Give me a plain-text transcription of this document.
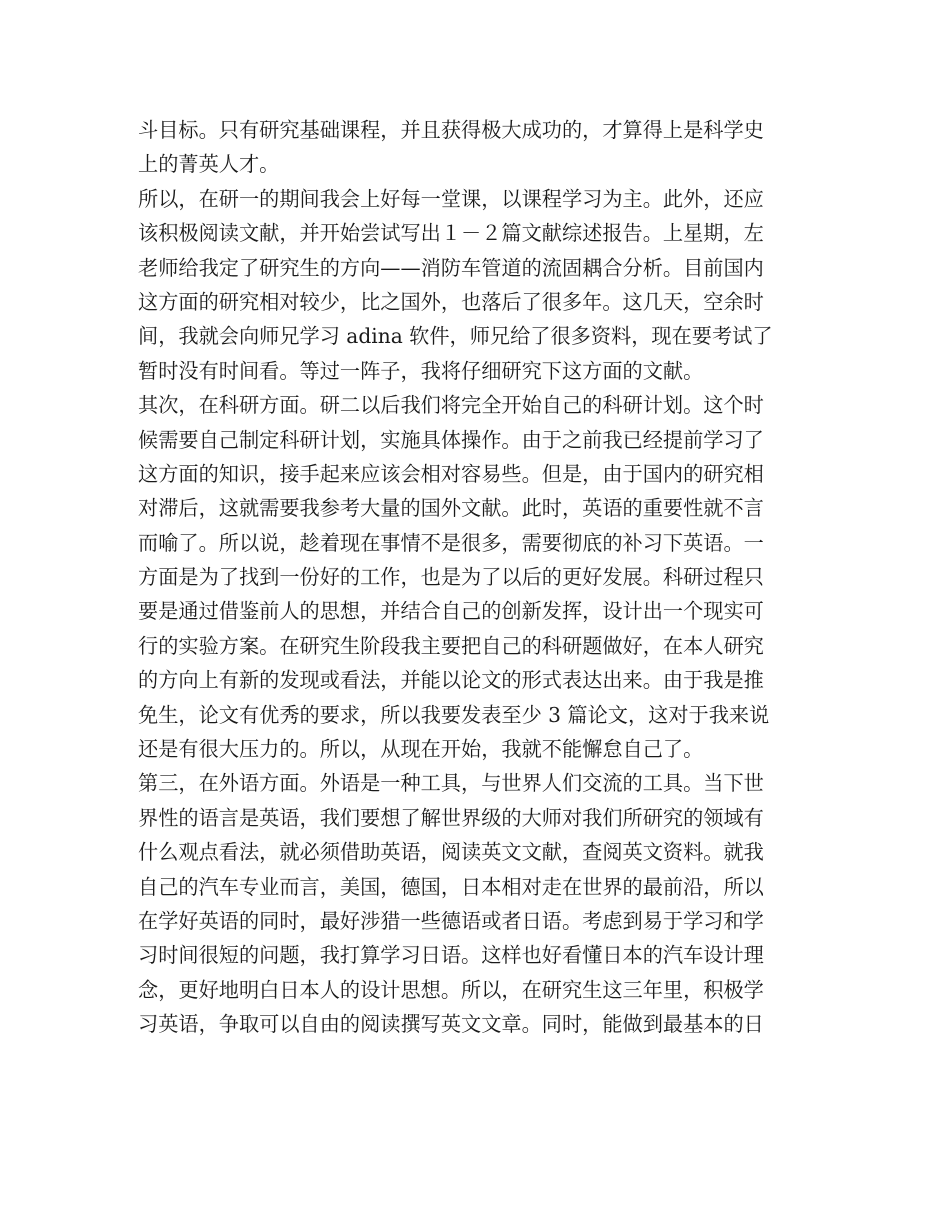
斗目标。只有研究基础课程，并且获得极大成功的，才算得上是科学史
上的菁英人才。
所以，在研一的期间我会上好每一堂课，以课程学习为主。此外，还应
该积极阅读文献，并开始尝试写出１－２篇文献综述报告。上星期，左
老师给我定了研究生的方向——消防车管道的流固耦合分析。目前国内
这方面的研究相对较少，比之国外，也落后了很多年。这几天，空余时
间，我就会向师兄学习 adina 软件，师兄给了很多资料，现在要考试了
暂时没有时间看。等过一阵子，我将仔细研究下这方面的文献。
其次，在科研方面。研二以后我们将完全开始自己的科研计划。这个时
候需要自己制定科研计划，实施具体操作。由于之前我已经提前学习了
这方面的知识，接手起来应该会相对容易些。但是，由于国内的研究相
对滞后，这就需要我参考大量的国外文献。此时，英语的重要性就不言
而喻了。所以说，趁着现在事情不是很多，需要彻底的补习下英语。一
方面是为了找到一份好的工作，也是为了以后的更好发展。科研过程只
要是通过借鉴前人的思想，并结合自己的创新发挥，设计出一个现实可
行的实验方案。在研究生阶段我主要把自己的科研题做好，在本人研究
的方向上有新的发现或看法，并能以论文的形式表达出来。由于我是推
免生，论文有优秀的要求，所以我要发表至少 3 篇论文，这对于我来说
还是有很大压力的。所以，从现在开始，我就不能懈怠自己了。
第三，在外语方面。外语是一种工具，与世界人们交流的工具。当下世
界性的语言是英语，我们要想了解世界级的大师对我们所研究的领域有
什么观点看法，就必须借助英语，阅读英文文献，查阅英文资料。就我
自己的汽车专业而言，美国，德国，日本相对走在世界的最前沿，所以
在学好英语的同时，最好涉猎一些德语或者日语。考虑到易于学习和学
习时间很短的问题，我打算学习日语。这样也好看懂日本的汽车设计理
念，更好地明白日本人的设计思想。所以，在研究生这三年里，积极学
习英语，争取可以自由的阅读撰写英文文章。同时，能做到最基本的日
